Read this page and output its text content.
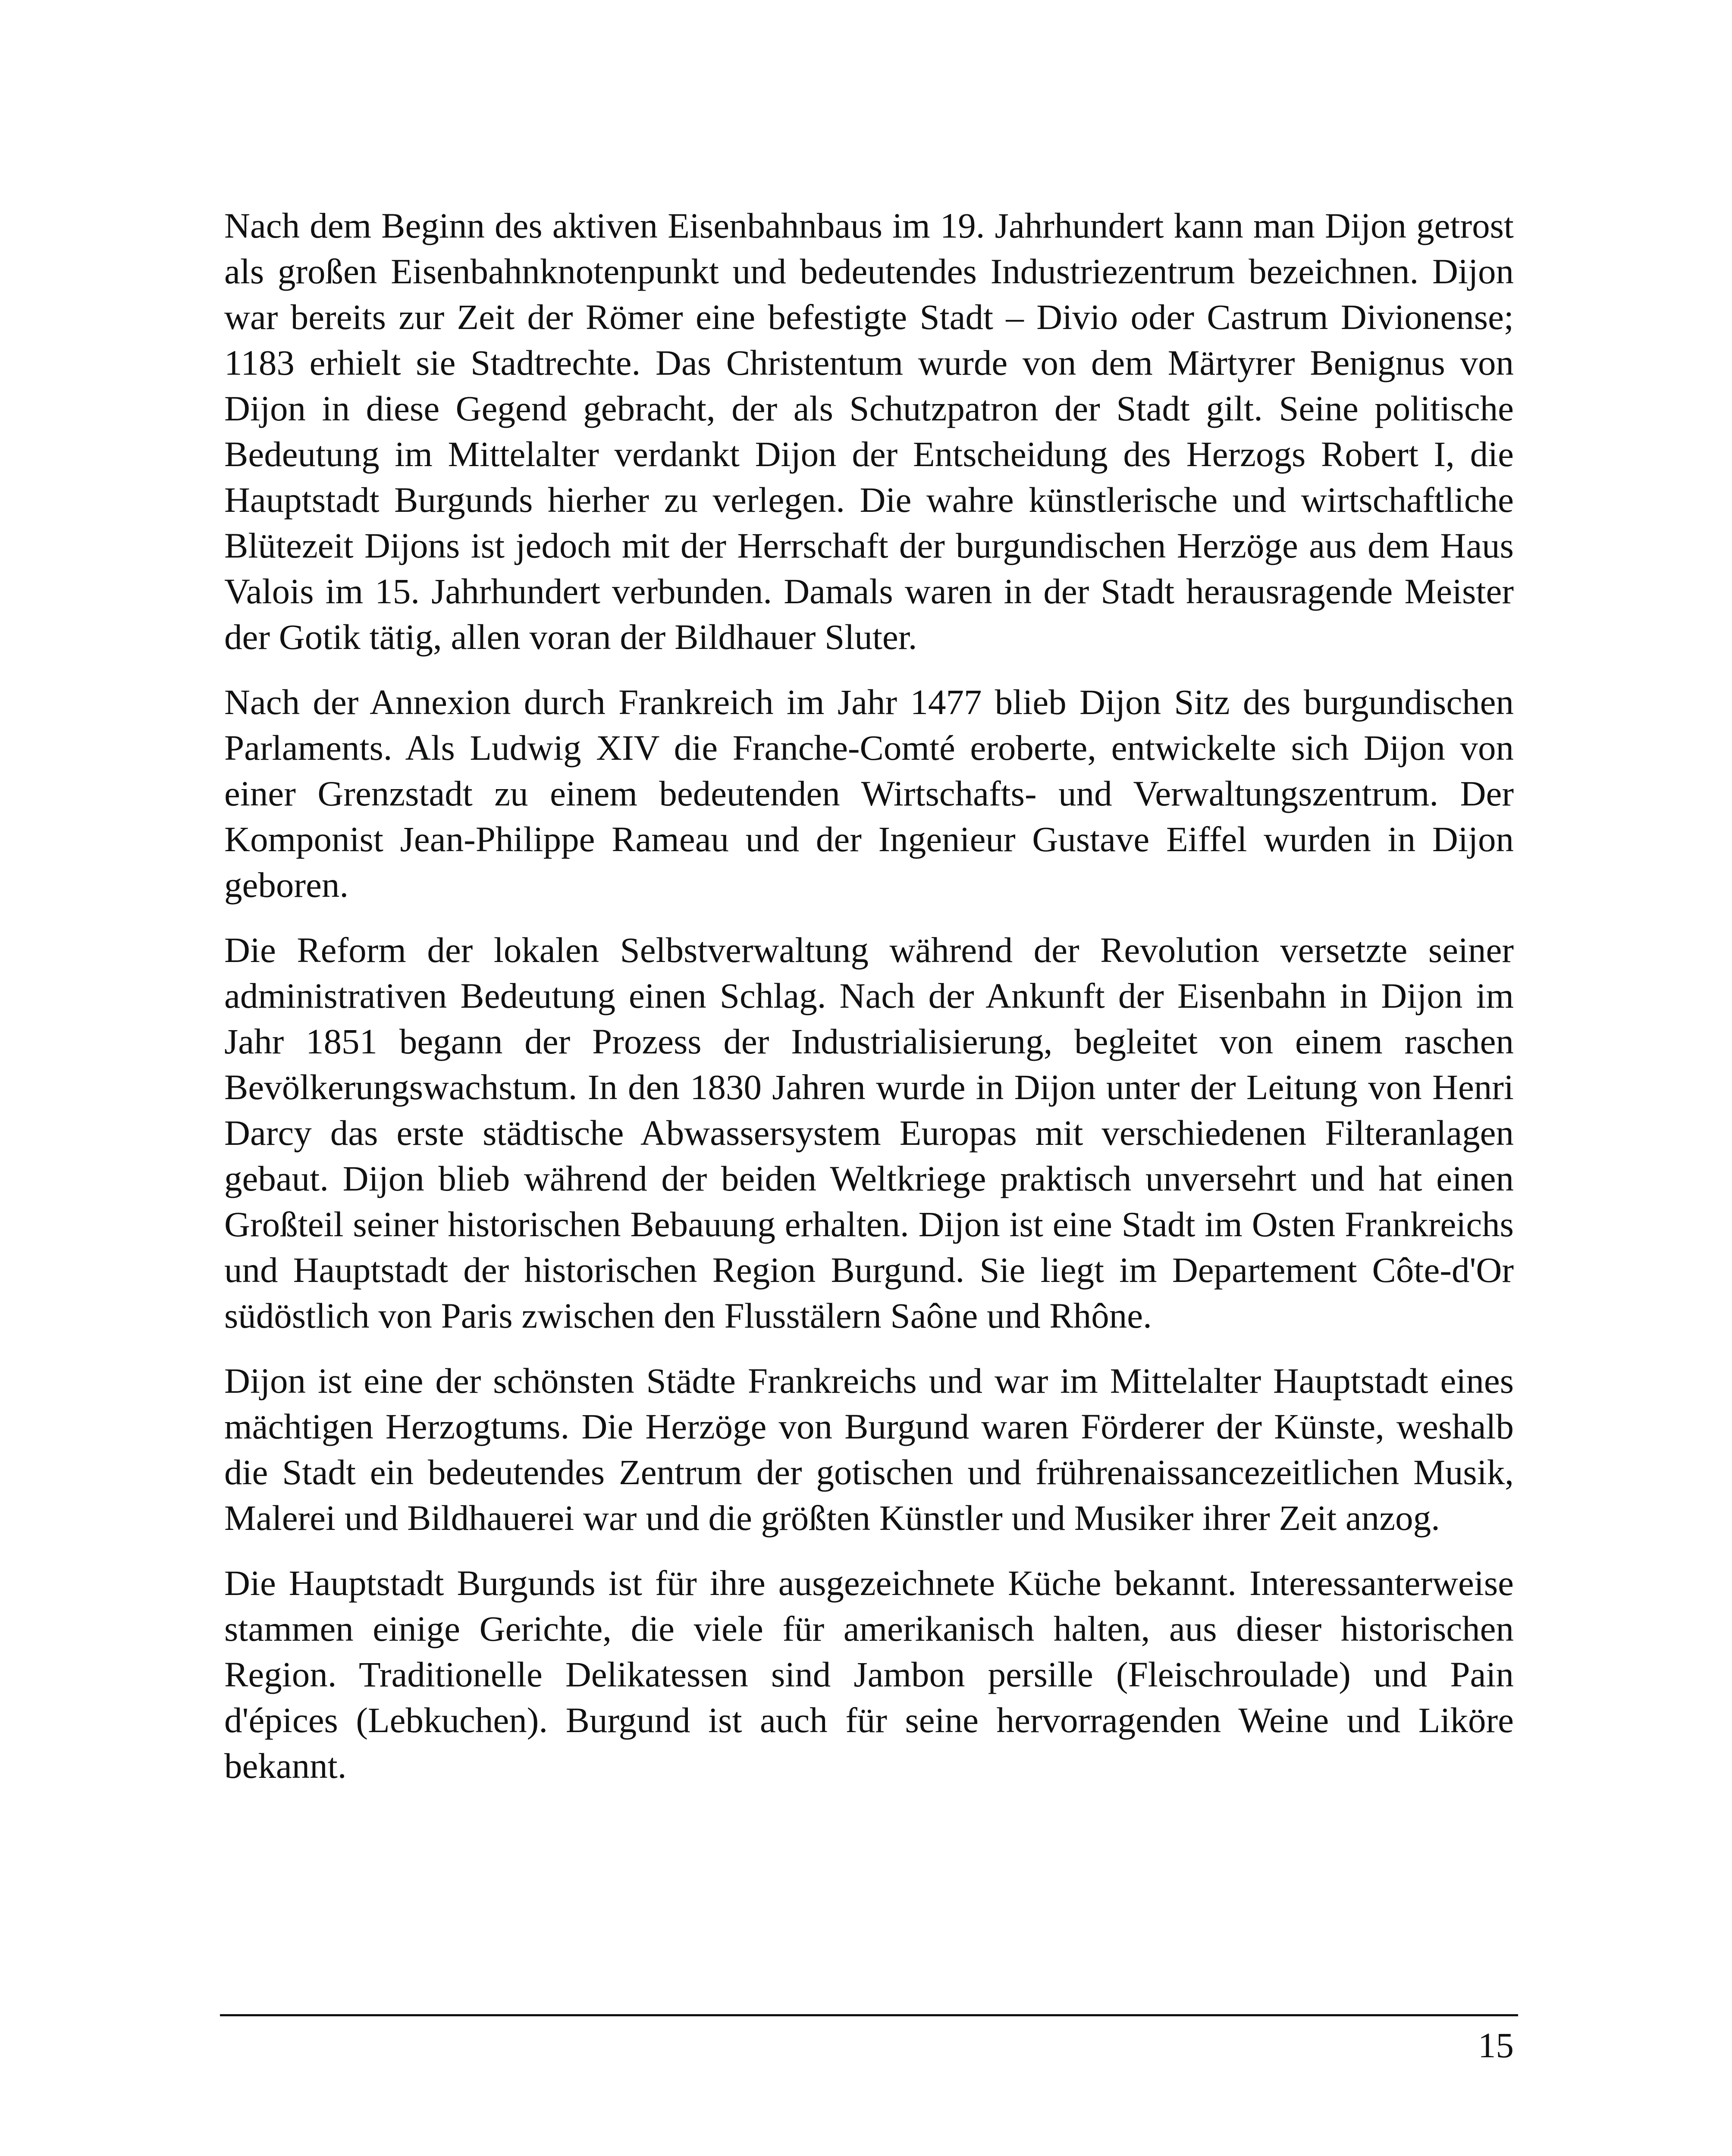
Nach dem Beginn des aktiven Eisenbahnbaus im 19. Jahrhundert kann man Dijon getrost als großen Eisenbahnknotenpunkt und bedeutendes Industriezentrum bezeichnen. Dijon war bereits zur Zeit der Römer eine befestigte Stadt – Divio oder Castrum Divionense; 1183 erhielt sie Stadtrechte. Das Christentum wurde von dem Märtyrer Benignus von Dijon in diese Gegend gebracht, der als Schutzpatron der Stadt gilt. Seine politische Bedeutung im Mittelalter verdankt Dijon der Entscheidung des Herzogs Robert I, die Hauptstadt Burgunds hierher zu verlegen. Die wahre künstlerische und wirtschaftliche Blütezeit Dijons ist jedoch mit der Herrschaft der burgundischen Herzöge aus dem Haus Valois im 15. Jahrhundert verbunden. Damals waren in der Stadt herausragende Meister der Gotik tätig, allen voran der Bildhauer Sluter.

Nach der Annexion durch Frankreich im Jahr 1477 blieb Dijon Sitz des burgundischen Parlaments. Als Ludwig XIV die Franche-Comté eroberte, entwickelte sich Dijon von einer Grenzstadt zu einem bedeutenden Wirtschafts- und Verwaltungszentrum. Der Komponist Jean-Philippe Rameau und der Ingenieur Gustave Eiffel wurden in Dijon geboren.

Die Reform der lokalen Selbstverwaltung während der Revolution versetzte seiner administrativen Bedeutung einen Schlag. Nach der Ankunft der Eisenbahn in Dijon im Jahr 1851 begann der Prozess der Industrialisierung, begleitet von einem raschen Bevölkerungswachstum. In den 1830 Jahren wurde in Dijon unter der Leitung von Henri Darcy das erste städtische Abwassersystem Europas mit verschiedenen Filteranlagen gebaut. Dijon blieb während der beiden Weltkriege praktisch unversehrt und hat einen Großteil seiner historischen Bebauung erhalten. Dijon ist eine Stadt im Osten Frankreichs und Hauptstadt der historischen Region Burgund. Sie liegt im Departement Côte-d'Or südöstlich von Paris zwischen den Flusstälern Saône und Rhône.

Dijon ist eine der schönsten Städte Frankreichs und war im Mittelalter Hauptstadt eines mächtigen Herzogtums. Die Herzöge von Burgund waren Förderer der Künste, weshalb die Stadt ein bedeutendes Zentrum der gotischen und frührenaissancezeitlichen Musik, Malerei und Bildhauerei war und die größten Künstler und Musiker ihrer Zeit anzog.

Die Hauptstadt Burgunds ist für ihre ausgezeichnete Küche bekannt. Interessanterweise stammen einige Gerichte, die viele für amerikanisch halten, aus dieser historischen Region. Traditionelle Delikatessen sind Jambon persille (Fleischroulade) und Pain d'épices (Lebkuchen). Burgund ist auch für seine hervorragenden Weine und Liköre bekannt.

15
